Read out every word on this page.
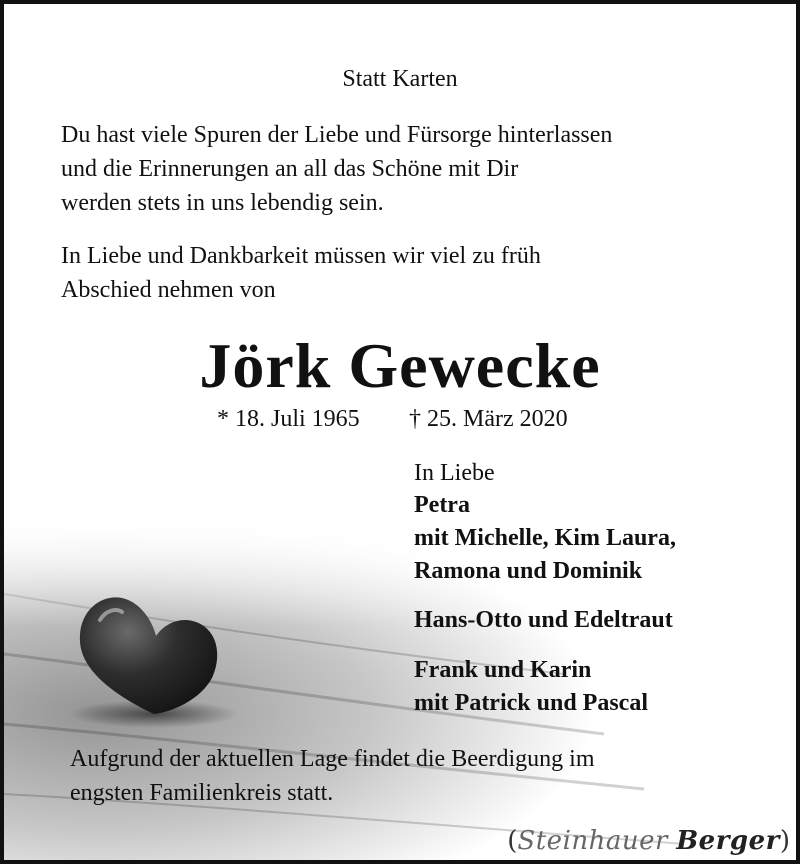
Statt Karten

Du hast viele Spuren der Liebe und Fürsorge hinterlassen

und die Erinnerungen an all das Schöne mit Dir

werden stets in uns lebendig sein.

In Liebe und Dankbarkeit müssen wir viel zu früh

Abschied nehmen von

Jörk Gewecke

* 18. Juli 1965 † 25. März 2020

In Liebe

Petra

mit Michelle, Kim Laura,

Ramona und Dominik

Hans-Otto und Edeltraut

Frank und Karin

mit Patrick und Pascal

Aufgrund der aktuellen Lage findet die Beerdigung im

engsten Familienkreis statt.

(Steinhauer Berger)
